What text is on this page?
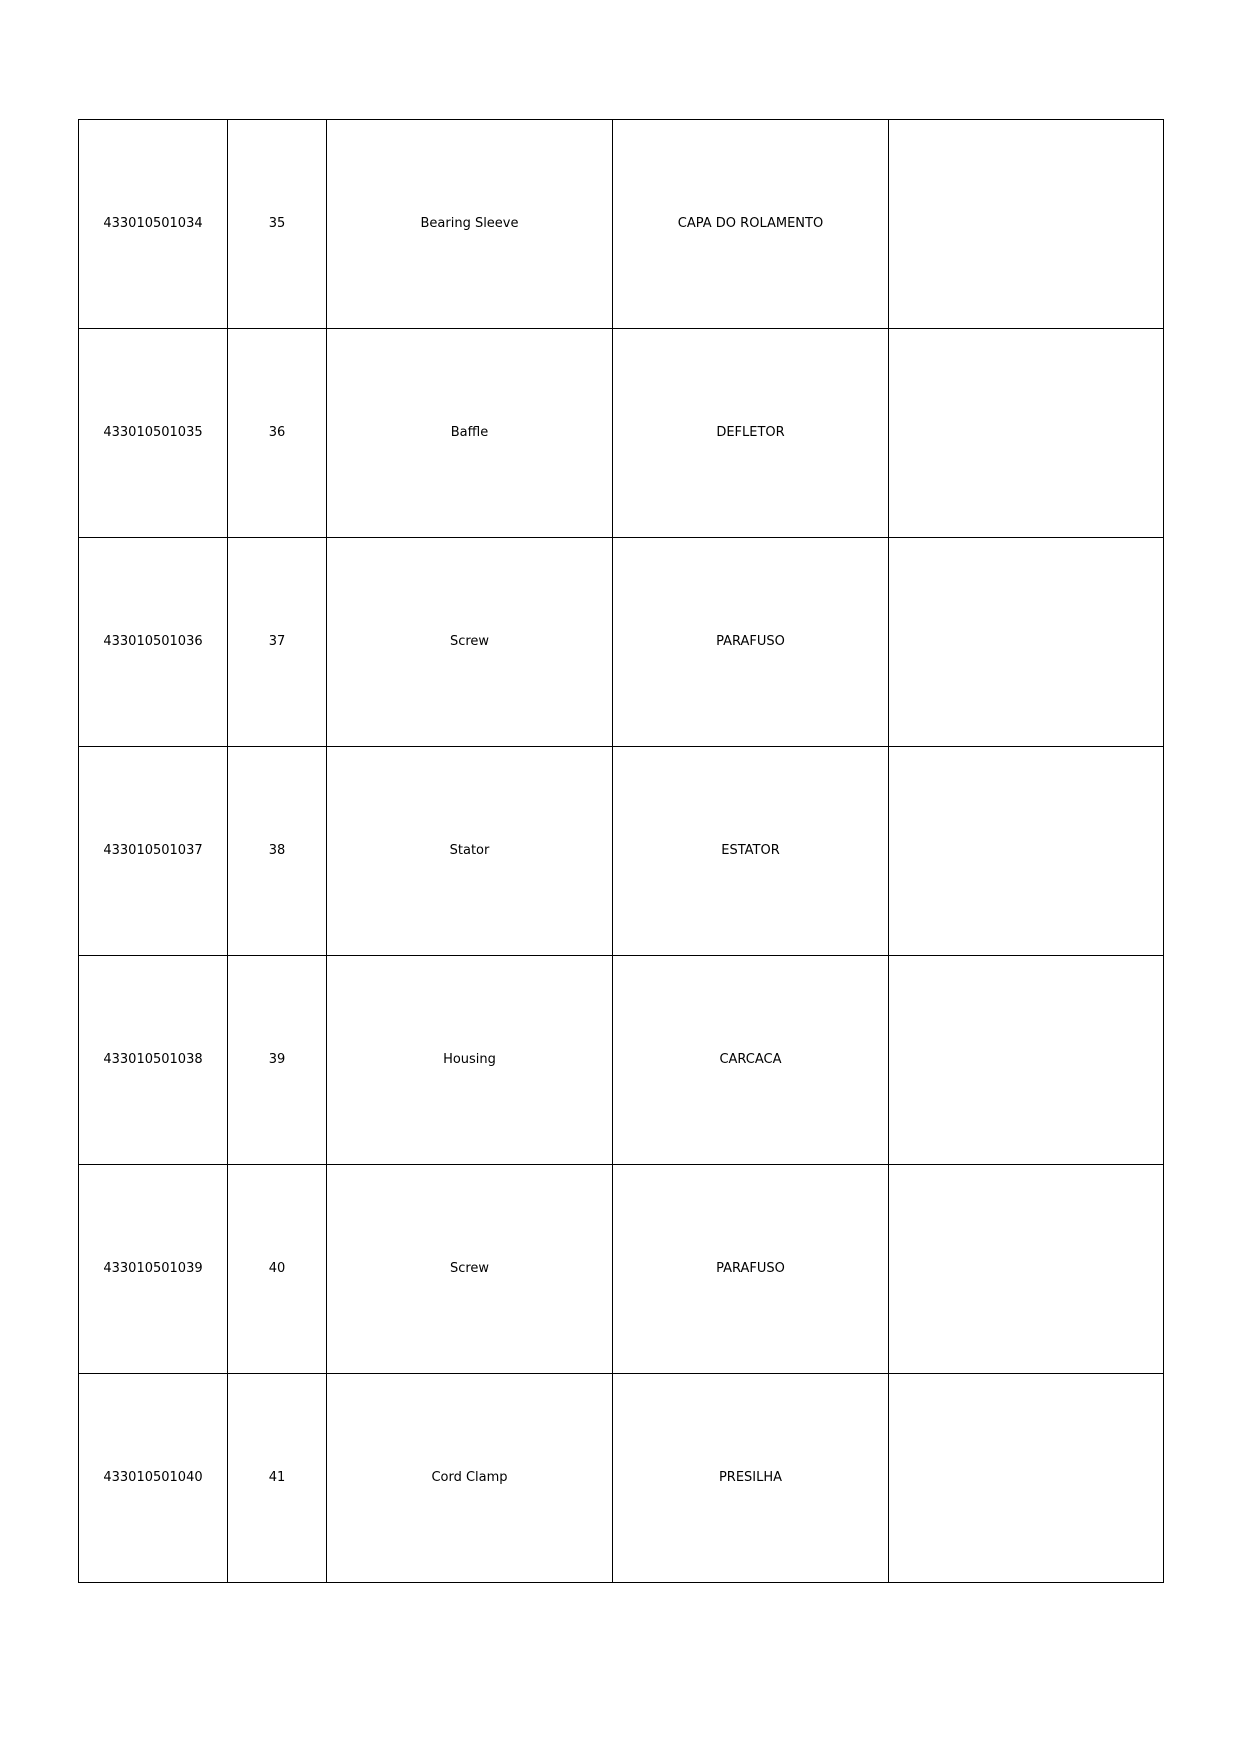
433010501034	35	Bearing Sleeve	CAPA DO ROLAMENTO	
433010501035	36	Baffle	DEFLETOR	
433010501036	37	Screw	PARAFUSO	
433010501037	38	Stator	ESTATOR	
433010501038	39	Housing	CARCACA	
433010501039	40	Screw	PARAFUSO	
433010501040	41	Cord Clamp	PRESILHA	
